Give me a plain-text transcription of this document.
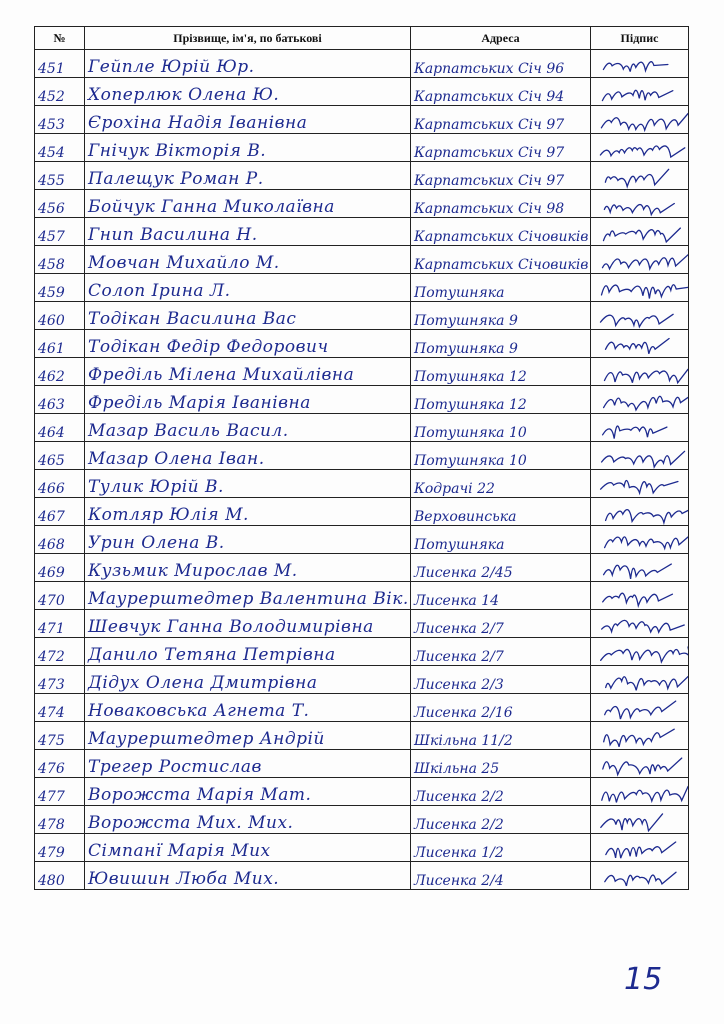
№	Прізвище, ім'я, по батькові	Адреса	Підпис
451	Гейпле Юрій Юр.	Карпатських Січ 96	

452	Хоперлюк Олена Ю.	Карпатських Січ 94	

453	Єрохіна Надія Іванівна	Карпатських Січ 97	

454	Гнічук Вікторія В.	Карпатських Січ 97	

455	Палещук Роман Р.	Карпатських Січ 97	

456	Бойчук Ганна Миколаївна	Карпатських Січ 98	

457	Гнип Василина Н.	Карпатських Січовиків	

458	Мовчан Михайло М.	Карпатських Січовиків	

459	Солоп Ірина Л.	Потушняка	

460	Тодікан Василина Вас	Потушняка 9	

461	Тодікан Федір Федорович	Потушняка 9	

462	Фреділь Мілена Михайлівна	Потушняка 12	

463	Фреділь Марія Іванівна	Потушняка 12	

464	Мазар Василь Васил.	Потушняка 10	

465	Мазар Олена Іван.	Потушняка 10	

466	Тулик Юрій В.	Кодрачі 22	

467	Котляр Юлія М.	Верховинська	

468	Урин Олена В.	Потушняка	

469	Кузьмик Мирослав М.	Лисенка 2/45	

470	Маурерштедтер Валентина Вік.	Лисенка 14	

471	Шевчук Ганна Володимирівна	Лисенка 2/7	

472	Данило Тетяна Петрівна	Лисенка 2/7	

473	Дідух Олена Дмитрівна	Лисенка 2/3	

474	Новаковська Агнета Т.	Лисенка 2/16	

475	Маурерштедтер Андрій	Шкільна 11/2	

476	Трегер Ростислав	Шкільна 25	

477	Ворожста Марія Мат.	Лисенка 2/2	

478	Ворожста Мих. Мих.	Лисенка 2/2	

479	Сімпанї Марія Мих	Лисенка 1/2	

480	Ювишин Люба Мих.	Лисенка 2/4	
15
